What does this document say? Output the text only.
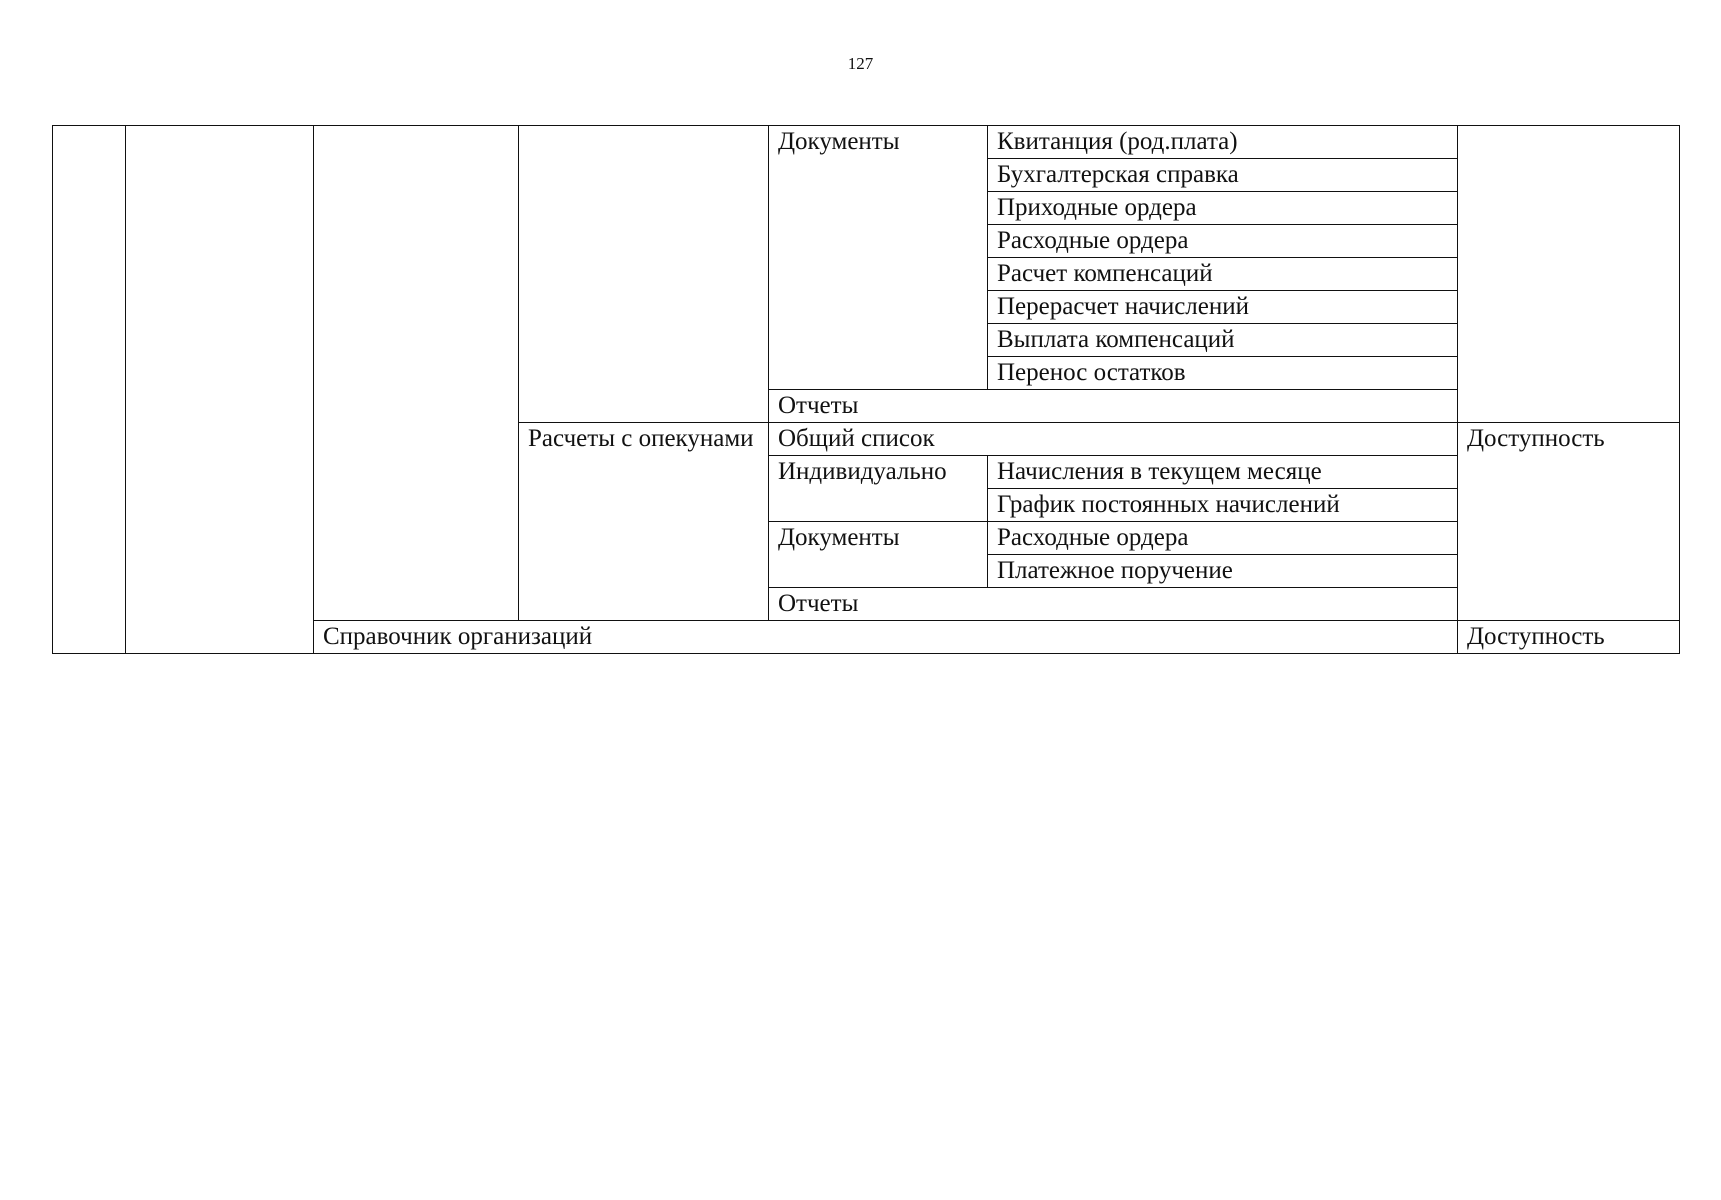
127
				Документы	Квитанция (род.плата)	
					Бухгалтерская справка	
					Приходные ордера	
					Расходные ордера	
					Расчет компенсаций	
					Перерасчет начислений	
					Выплата компенсаций	
					Перенос остатков	
				Отчеты		
			Расчеты с опекунами	Общий список		Доступность
				Индивидуально	Начисления в текущем месяце	
					График постоянных начислений	
				Документы	Расходные ордера	
					Платежное поручение	
				Отчеты		
		Справочник организаций				Доступность
